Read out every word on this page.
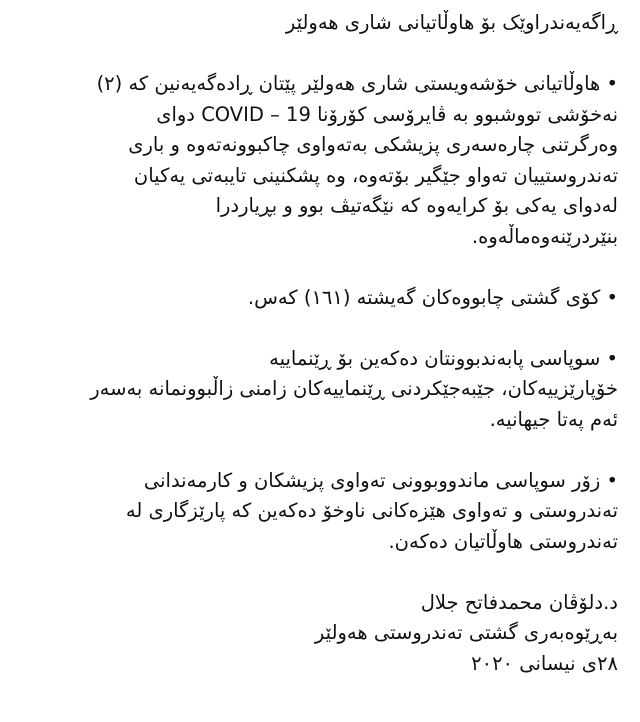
ڕاگەیەندراوێک بۆ هاوڵاتیانی شاری هەولێر
• هاوڵاتیانی خۆشەویستی شاری هەولێر پێتان ڕادەگەیەنین کە (٢)
نەخۆشی تووشبوو بە ڤایرۆسی کۆرۆنا COVID – 19 دوای
وەرگرتنی چارەسەری پزیشکی بەتەواوی چاکبوونەتەوە و باری
تەندروستییان تەواو جێگیر بۆتەوە، وە پشکنینی تایبەتی یەکیان
لەدوای یەکی بۆ کرایەوە کە نێگەتیڤ بوو و بڕیاردرا
بنێردرێنەوەماڵەوە.
• کۆی گشتی چابووەکان گەیشتە (١٦١) کەس.
• سوپاسی پابەندبوونتان دەکەین بۆ ڕێنماییە
خۆپارێزییەکان، جێبەجێکردنی ڕێنماییەکان زامنی زاڵبوونمانە بەسەر
ئەم پەتا جیهانیە.
• زۆر سوپاسی ماندووبوونی تەواوی پزیشکان و کارمەندانی
تەندروستی و تەواوی هێزەکانی ناوخۆ دەکەین کە پارێزگاری لە
تەندروستی هاوڵاتیان دەکەن.
د.دلۆڤان محمدفاتح جلال
بەڕێوەبەری گشتی تەندروستی هەولێر
٢٨ی نیسانی ٢٠٢٠
